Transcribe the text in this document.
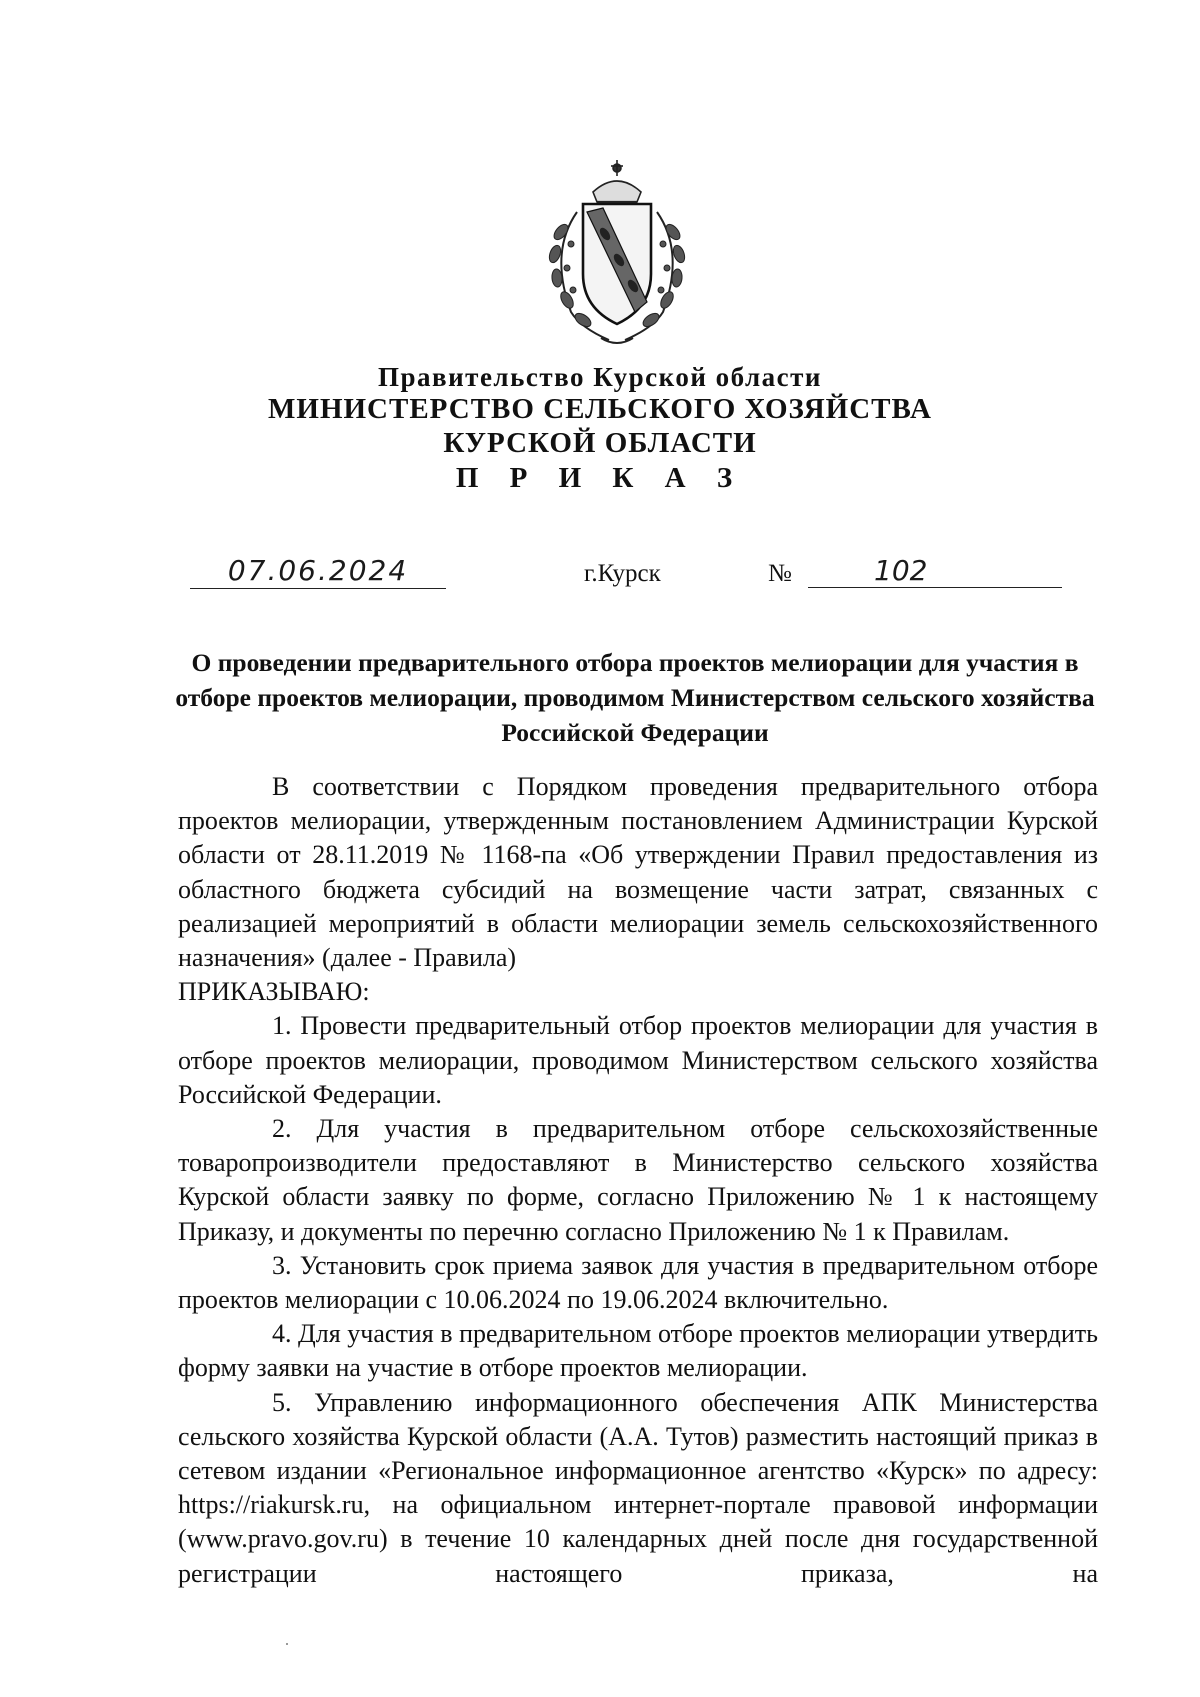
Правительство Курской области
МИНИСТЕРСТВО СЕЛЬСКОГО ХОЗЯЙСТВА
КУРСКОЙ ОБЛАСТИ
П Р И К А З
07.06.2024	г.Курск	№	102
О проведении предварительного отбора проектов мелиорации для участия в отборе проектов мелиорации, проводимом Министерством сельского хозяйства Российской Федерации

В соответствии с Порядком проведения предварительного отбора проектов мелиорации, утвержденным постановлением Администрации Курской области от 28.11.2019 № 1168-па «Об утверждении Правил предоставления из областного бюджета субсидий на возмещение части затрат, связанных с реализацией мероприятий в области мелиорации земель сельскохозяйственного назначения» (далее - Правила)

ПРИКАЗЫВАЮ:

1. Провести предварительный отбор проектов мелиорации для участия в отборе проектов мелиорации, проводимом Министерством сельского хозяйства Российской Федерации.

2. Для участия в предварительном отборе сельскохозяйственные товаропроизводители предоставляют в Министерство сельского хозяйства Курской области заявку по форме, согласно Приложению № 1 к настоящему Приказу, и документы по перечню согласно Приложению № 1 к Правилам.

3. Установить срок приема заявок для участия в предварительном отборе проектов мелиорации с 10.06.2024 по 19.06.2024 включительно.

4. Для участия в предварительном отборе проектов мелиорации утвердить форму заявки на участие в отборе проектов мелиорации.

5. Управлению информационного обеспечения АПК Министерства сельского хозяйства Курской области (А.А. Тутов) разместить настоящий приказ в сетевом издании «Региональное информационное агентство «Курск» по адресу: https://riakursk.ru, на официальном интернет-портале правовой информации (www.pravo.gov.ru) в течение 10 календарных дней после дня государственной регистрации настоящего приказа, на
